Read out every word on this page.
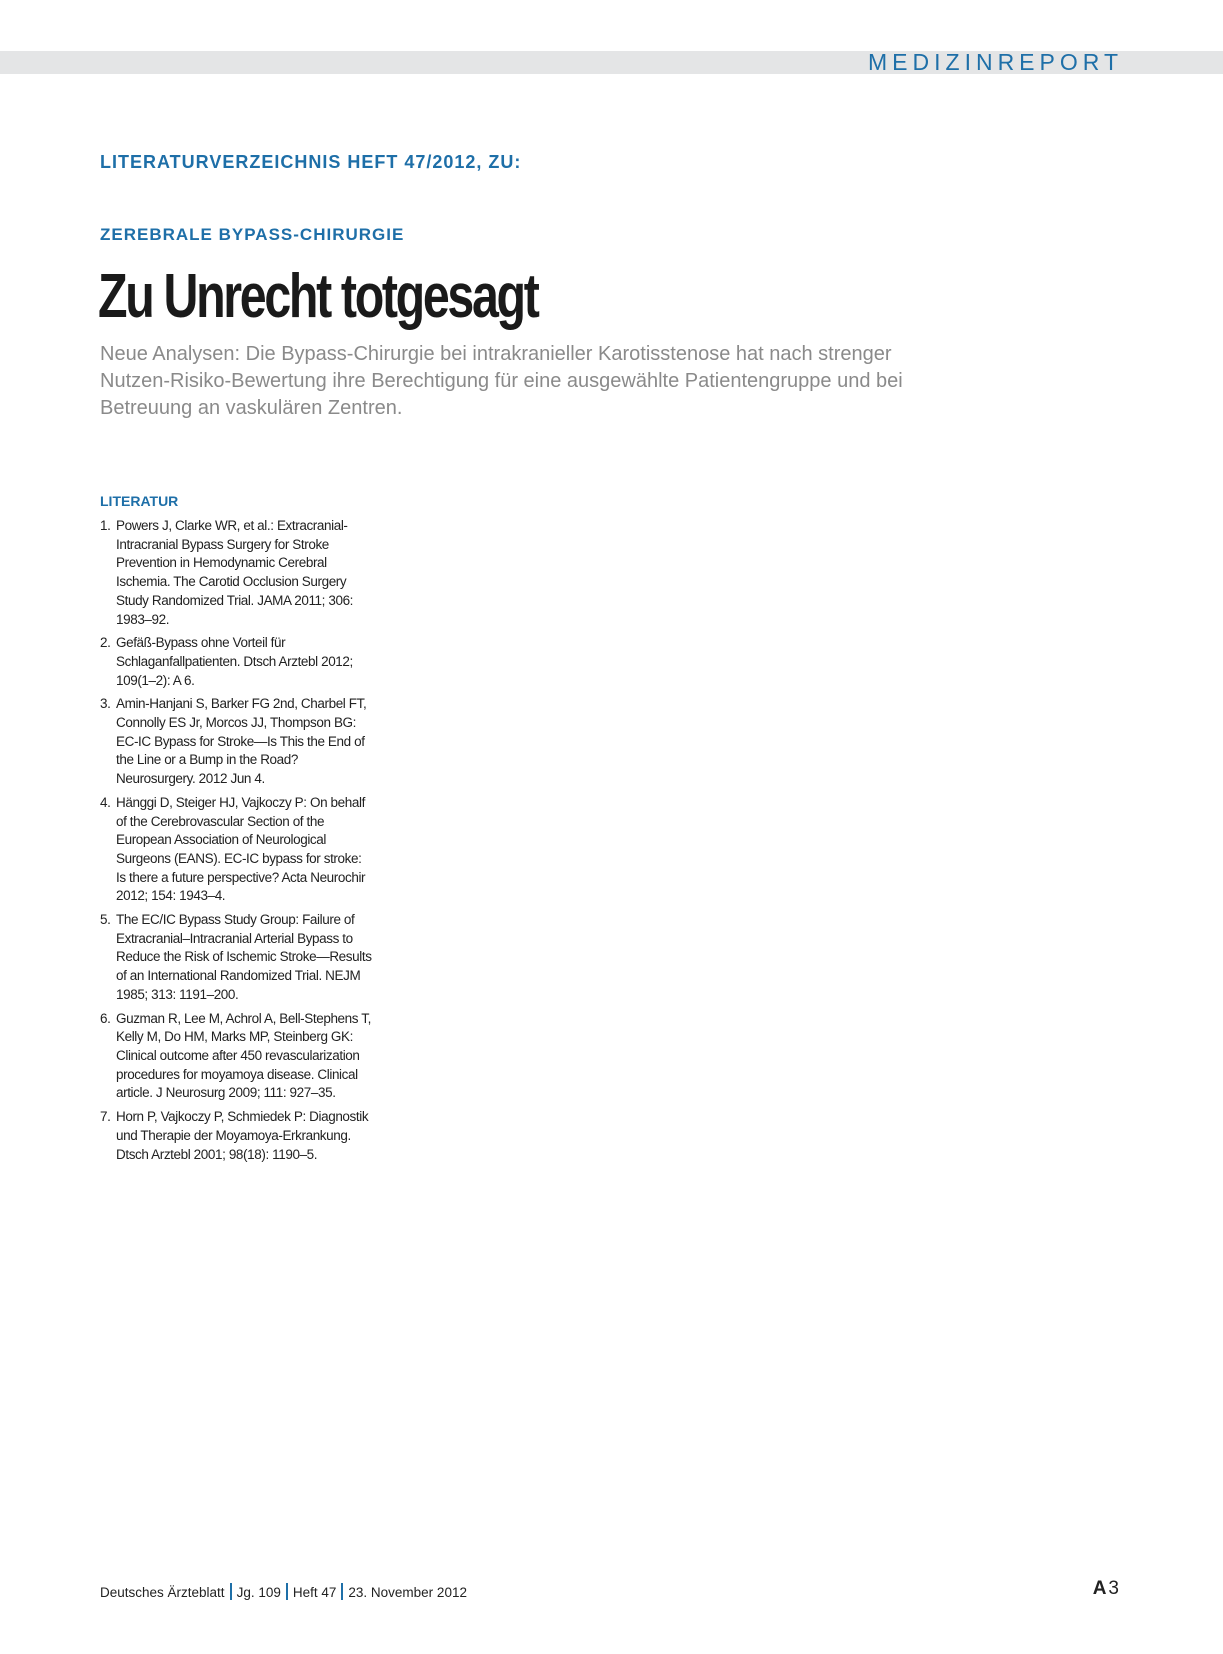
MEDIZINREPORT
LITERATURVERZEICHNIS HEFT 47/2012, ZU:
ZEREBRALE BYPASS-CHIRURGIE
Zu Unrecht totgesagt

Neue Analysen: Die Bypass-Chirurgie bei intrakranieller Karotisstenose hat nach strenger Nutzen-Risiko-Bewertung ihre Berechtigung für eine ausgewählte Patientengruppe und bei Betreuung an vaskulären Zentren.

LITERATUR
1. Powers J, Clarke WR, et al.: Extracranial-Intracranial Bypass Surgery for Stroke Prevention in Hemodynamic Cerebral Ischemia. The Carotid Occlusion Surgery Study Randomized Trial. JAMA 2011; 306: 1983–92.
2. Gefäß-Bypass ohne Vorteil für Schlaganfallpatienten. Dtsch Arztebl 2012; 109(1–2): A 6.
3. Amin-Hanjani S, Barker FG 2nd, Charbel FT, Connolly ES Jr, Morcos JJ, Thompson BG: EC-IC Bypass for Stroke—Is This the End of the Line or a Bump in the Road? Neurosurgery. 2012 Jun 4.
4. Hänggi D, Steiger HJ, Vajkoczy P: On behalf of the Cerebrovascular Section of the European Association of Neurological Surgeons (EANS). EC-IC bypass for stroke: Is there a future perspective? Acta Neurochir 2012; 154: 1943–4.
5. The EC/IC Bypass Study Group: Failure of Extracranial–Intracranial Arterial Bypass to Reduce the Risk of Ischemic Stroke—Results of an International Randomized Trial. NEJM 1985; 313: 1191–200.
6. Guzman R, Lee M, Achrol A, Bell-Stephens T, Kelly M, Do HM, Marks MP, Steinberg GK: Clinical outcome after 450 revascularization procedures for moyamoya disease. Clinical article. J Neurosurg 2009; 111: 927–35.
7. Horn P, Vajkoczy P, Schmiedek P: Diagnostik und Therapie der Moyamoya-Erkrankung. Dtsch Arztebl 2001; 98(18): 1190–5.
Deutsches Ärzteblatt Jg. 109 Heft 47 23. November 2012	A 3
